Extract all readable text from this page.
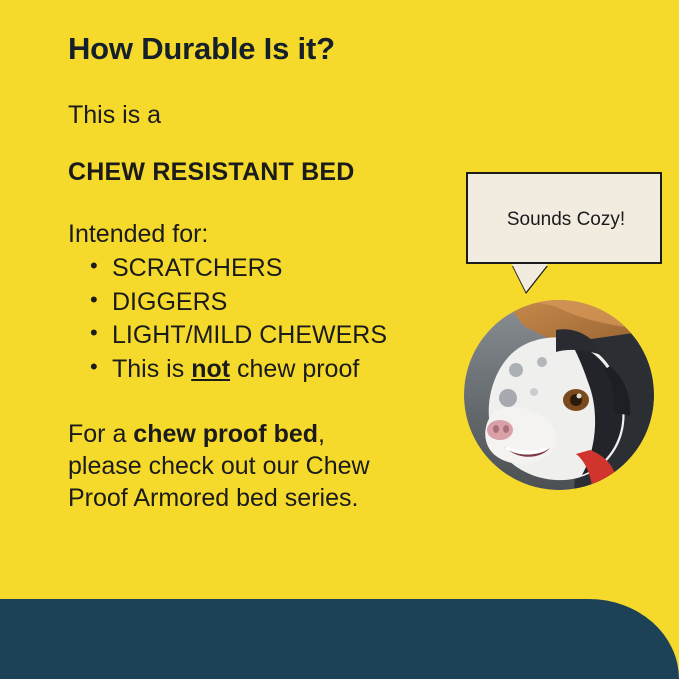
How Durable Is it?

This is a

CHEW RESISTANT BED

Intended for:

• SCRATCHERS
• DIGGERS
• LIGHT/MILD CHEWERS
• This is not chew proof
For a chew proof bed,
please check out our Chew
Proof Armored bed series.
Sounds Cozy!
